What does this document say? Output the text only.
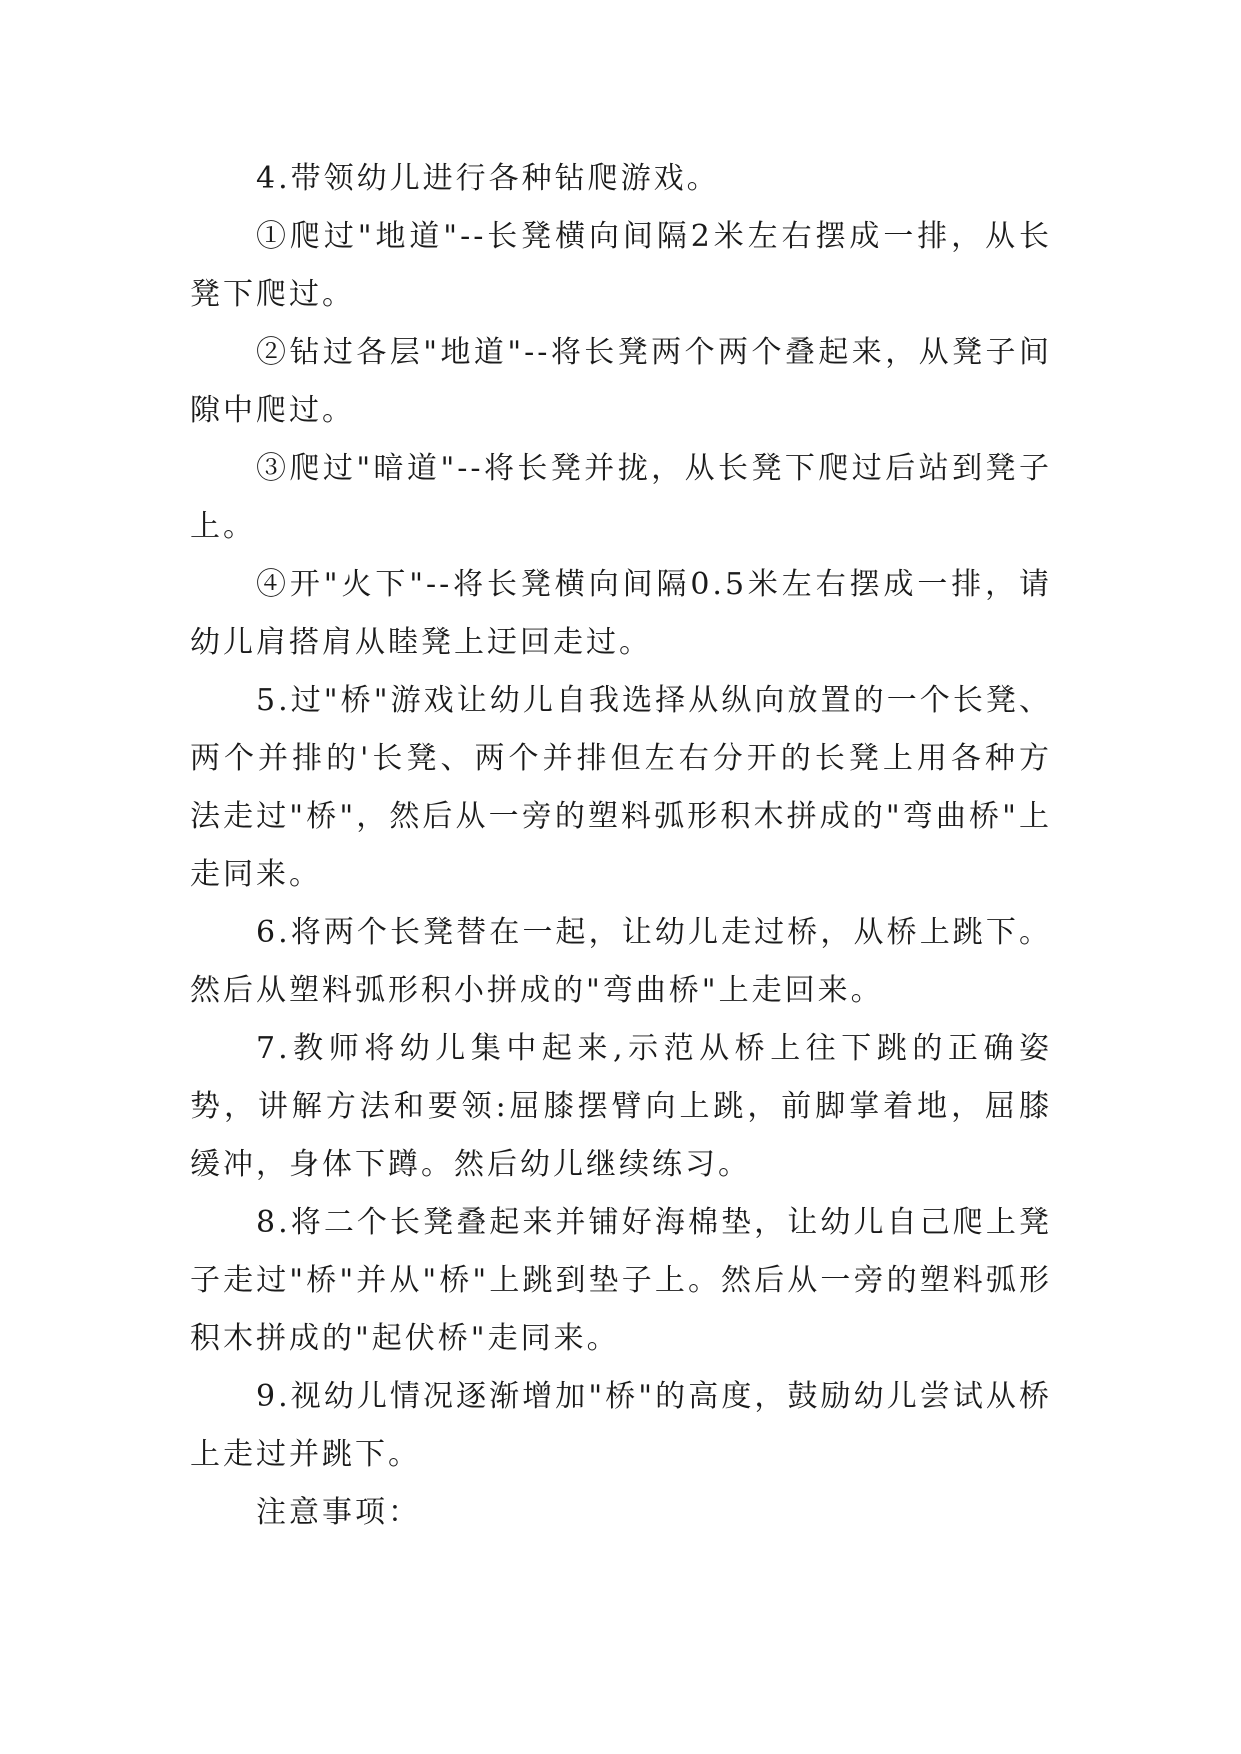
4.带领幼儿进行各种钻爬游戏。

①爬过"地道"--长凳横向间隔2米左右摆成一排，从长凳下爬过。

②钻过各层"地道"--将长凳两个两个叠起来，从凳子间隙中爬过。

③爬过"暗道"--将长凳并拢，从长凳下爬过后站到凳子上。

④开"火下"--将长凳横向间隔0.5米左右摆成一排，请幼儿肩搭肩从睦凳上迂回走过。

5.过"桥"游戏让幼儿自我选择从纵向放置的一个长凳、两个并排的'长凳、两个并排但左右分开的长凳上用各种方法走过"桥"，然后从一旁的塑料弧形积木拼成的"弯曲桥"上走同来。

6.将两个长凳替在一起，让幼儿走过桥，从桥上跳下。然后从塑料弧形积小拼成的"弯曲桥"上走回来。

7.教师将幼儿集中起来,示范从桥上往下跳的正确姿势，讲解方法和要领:屈膝摆臂向上跳，前脚掌着地，屈膝缓冲，身体下蹲。然后幼儿继续练习。

8.将二个长凳叠起来并铺好海棉垫，让幼儿自己爬上凳子走过"桥"并从"桥"上跳到垫子上。然后从一旁的塑料弧形积木拼成的"起伏桥"走同来。

9.视幼儿情况逐渐增加"桥"的高度，鼓励幼儿尝试从桥上走过并跳下。

注意事项：
